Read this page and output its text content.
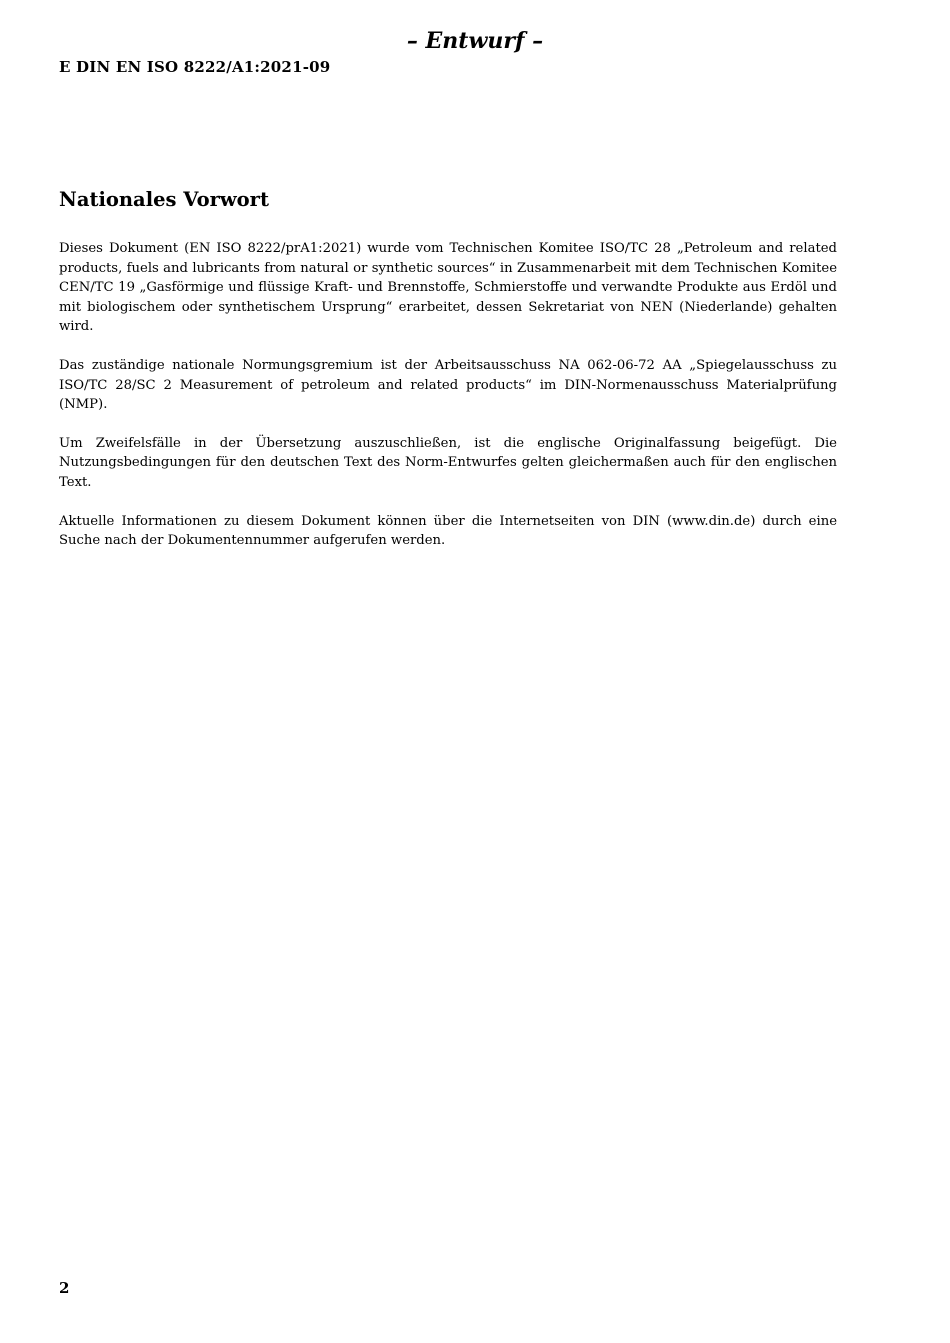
– Entwurf –
E DIN EN ISO 8222/A1:2021-09
Nationales Vorwort

Dieses Dokument (EN ISO 8222/prA1:2021) wurde vom Technischen Komitee ISO/TC 28 „Petroleum and related products, fuels and lubricants from natural or synthetic sources“ in Zusammenarbeit mit dem Technischen Komitee CEN/TC 19 „Gasförmige und flüssige Kraft- und Brennstoffe, Schmierstoffe und verwandte Produkte aus Erdöl und mit biologischem oder synthetischem Ursprung“ erarbeitet, dessen Sekretariat von NEN (Niederlande) gehalten wird.

Das zuständige nationale Normungsgremium ist der Arbeitsausschuss NA 062-06-72 AA „Spiegelausschuss zu ISO/TC 28/SC 2 Measurement of petroleum and related products“ im DIN-Normenausschuss Materialprüfung (NMP).

Um Zweifelsfälle in der Übersetzung auszuschließen, ist die englische Originalfassung beigefügt. Die Nutzungsbedingungen für den deutschen Text des Norm-Entwurfes gelten gleichermaßen auch für den englischen Text.

Aktuelle Informationen zu diesem Dokument können über die Internetseiten von DIN (www.din.de) durch eine Suche nach der Dokumentennummer aufgerufen werden.

2
